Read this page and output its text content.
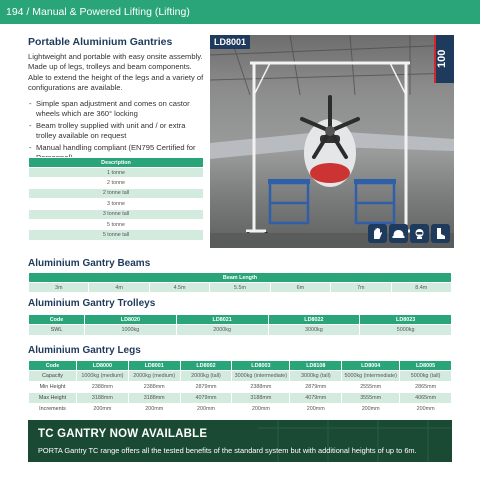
194 / Manual & Powered Lifting (Lifting)
Portable Aluminium Gantries
Lightweight and portable with easy onsite assembly. Made up of legs, trolleys and beam components. Able to extend the height of the legs and a variety of configurations are available.
- Simple span adjustment and comes on castor wheels which are 360° locking
- Beam trolley supplied with unit and / or extra trolley available on request
- Manual handling compliant (EN795 Certified for
Description
1 tonne
2 tonne
2 tonne tall
3 tonne
3 tonne tall
5 tonne
5 tonne tall
LD8001
100
Aluminium Gantry Beams
Beam Length
3m	4m	4.5m	5.5m	6m	7m	8.4m
Aluminium Gantry Trolleys
Code	LD8020	LD8021	LD8022	LD8023
SWL	1000kg	2000kg	3000kg	5000kg
Aluminium Gantry Legs
Code	LD8000	LD8001	LD8002	LD8003	LD8108	LD8004	LD8005
Capacity	1000kg (medium)	2000kg (medium)	2000kg (tall)	3000kg (intermediate)	3000kg (tall)	5000kg (intermediate)	5000kg (tall)
Min Height	2388mm	2388mm	2879mm	2388mm	2879mm	2555mm	2865mm
Max Height	3188mm	3188mm	4079mm	3188mm	4079mm	3555mm	4065mm
Increments	200mm	200mm	200mm	200mm	200mm	200mm	200mm
TC GANTRY NOW AVAILABLE
PORTA Gantry TC range offers all the tested benefits of the standard system but with additional heights of up to 6m.
